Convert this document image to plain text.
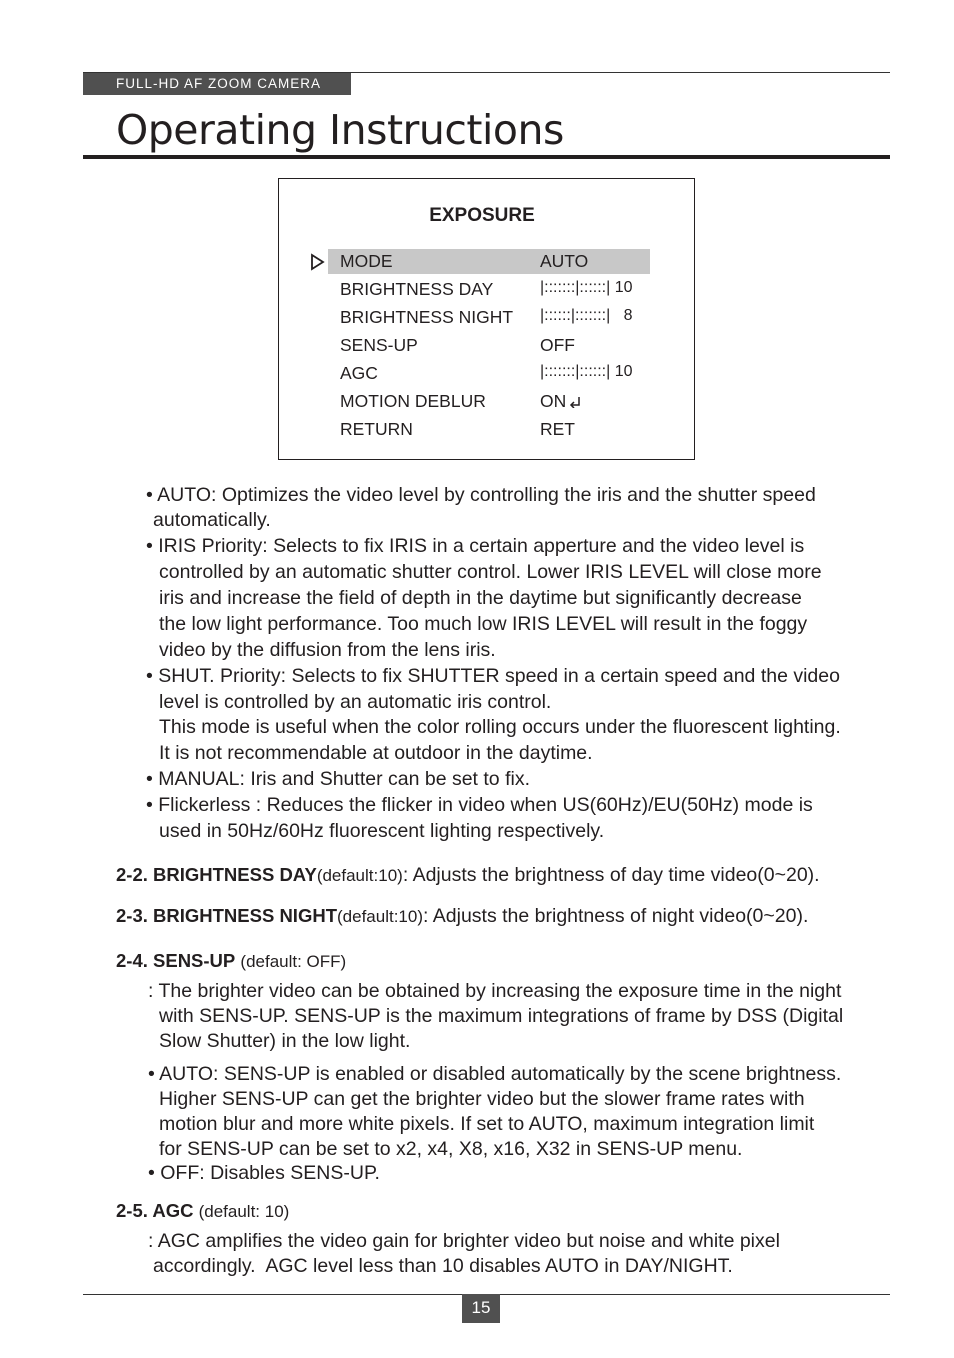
FULL-HD AF ZOOM CAMERA
Operating Instructions
EXPOSURE
MODE	AUTO
BRIGHTNESS DAY	|:::::::|::::::| 10
BRIGHTNESS NIGHT |::::::|:::::::|   8
SENS-UP	OFF
AGC	|:::::::|::::::| 10
MOTION DEBLUR	ON
RETURN	RET
• AUTO: Optimizes the video level by controlling the iris and the shutter speed
automatically.
• IRIS Priority: Selects to fix IRIS in a certain apperture and the video level is
controlled by an automatic shutter control. Lower IRIS LEVEL will close more
iris and increase the field of depth in the daytime but significantly decrease
the low light performance. Too much low IRIS LEVEL will result in the foggy
video by the diffusion from the lens iris.
• SHUT. Priority: Selects to fix SHUTTER speed in a certain speed and the video
level is controlled by an automatic iris control.
This mode is useful when the color rolling occurs under the fluorescent lighting.
It is not recommendable at outdoor in the daytime.
• MANUAL: Iris and Shutter can be set to fix.
• Flickerless : Reduces the flicker in video when US(60Hz)/EU(50Hz) mode is
used in 50Hz/60Hz fluorescent lighting respectively.
2-2. BRIGHTNESS DAY(default:10): Adjusts the brightness of day time video(0~20).
2-3. BRIGHTNESS NIGHT(default:10): Adjusts the brightness of night video(0~20).
2-4. SENS-UP (default: OFF)
: The brighter video can be obtained by increasing the exposure time in the night
with SENS-UP. SENS-UP is the maximum integrations of frame by DSS (Digital
Slow Shutter) in the low light.
• AUTO: SENS-UP is enabled or disabled automatically by the scene brightness.
Higher SENS-UP can get the brighter video but the slower frame rates with
motion blur and more white pixels. If set to AUTO, maximum integration limit
for SENS-UP can be set to x2, x4, X8, x16, X32 in SENS-UP menu.
• OFF: Disables SENS-UP.
2-5. AGC (default: 10)
: AGC amplifies the video gain for brighter video but noise and white pixel
accordingly.  AGC level less than 10 disables AUTO in DAY/NIGHT.
15
